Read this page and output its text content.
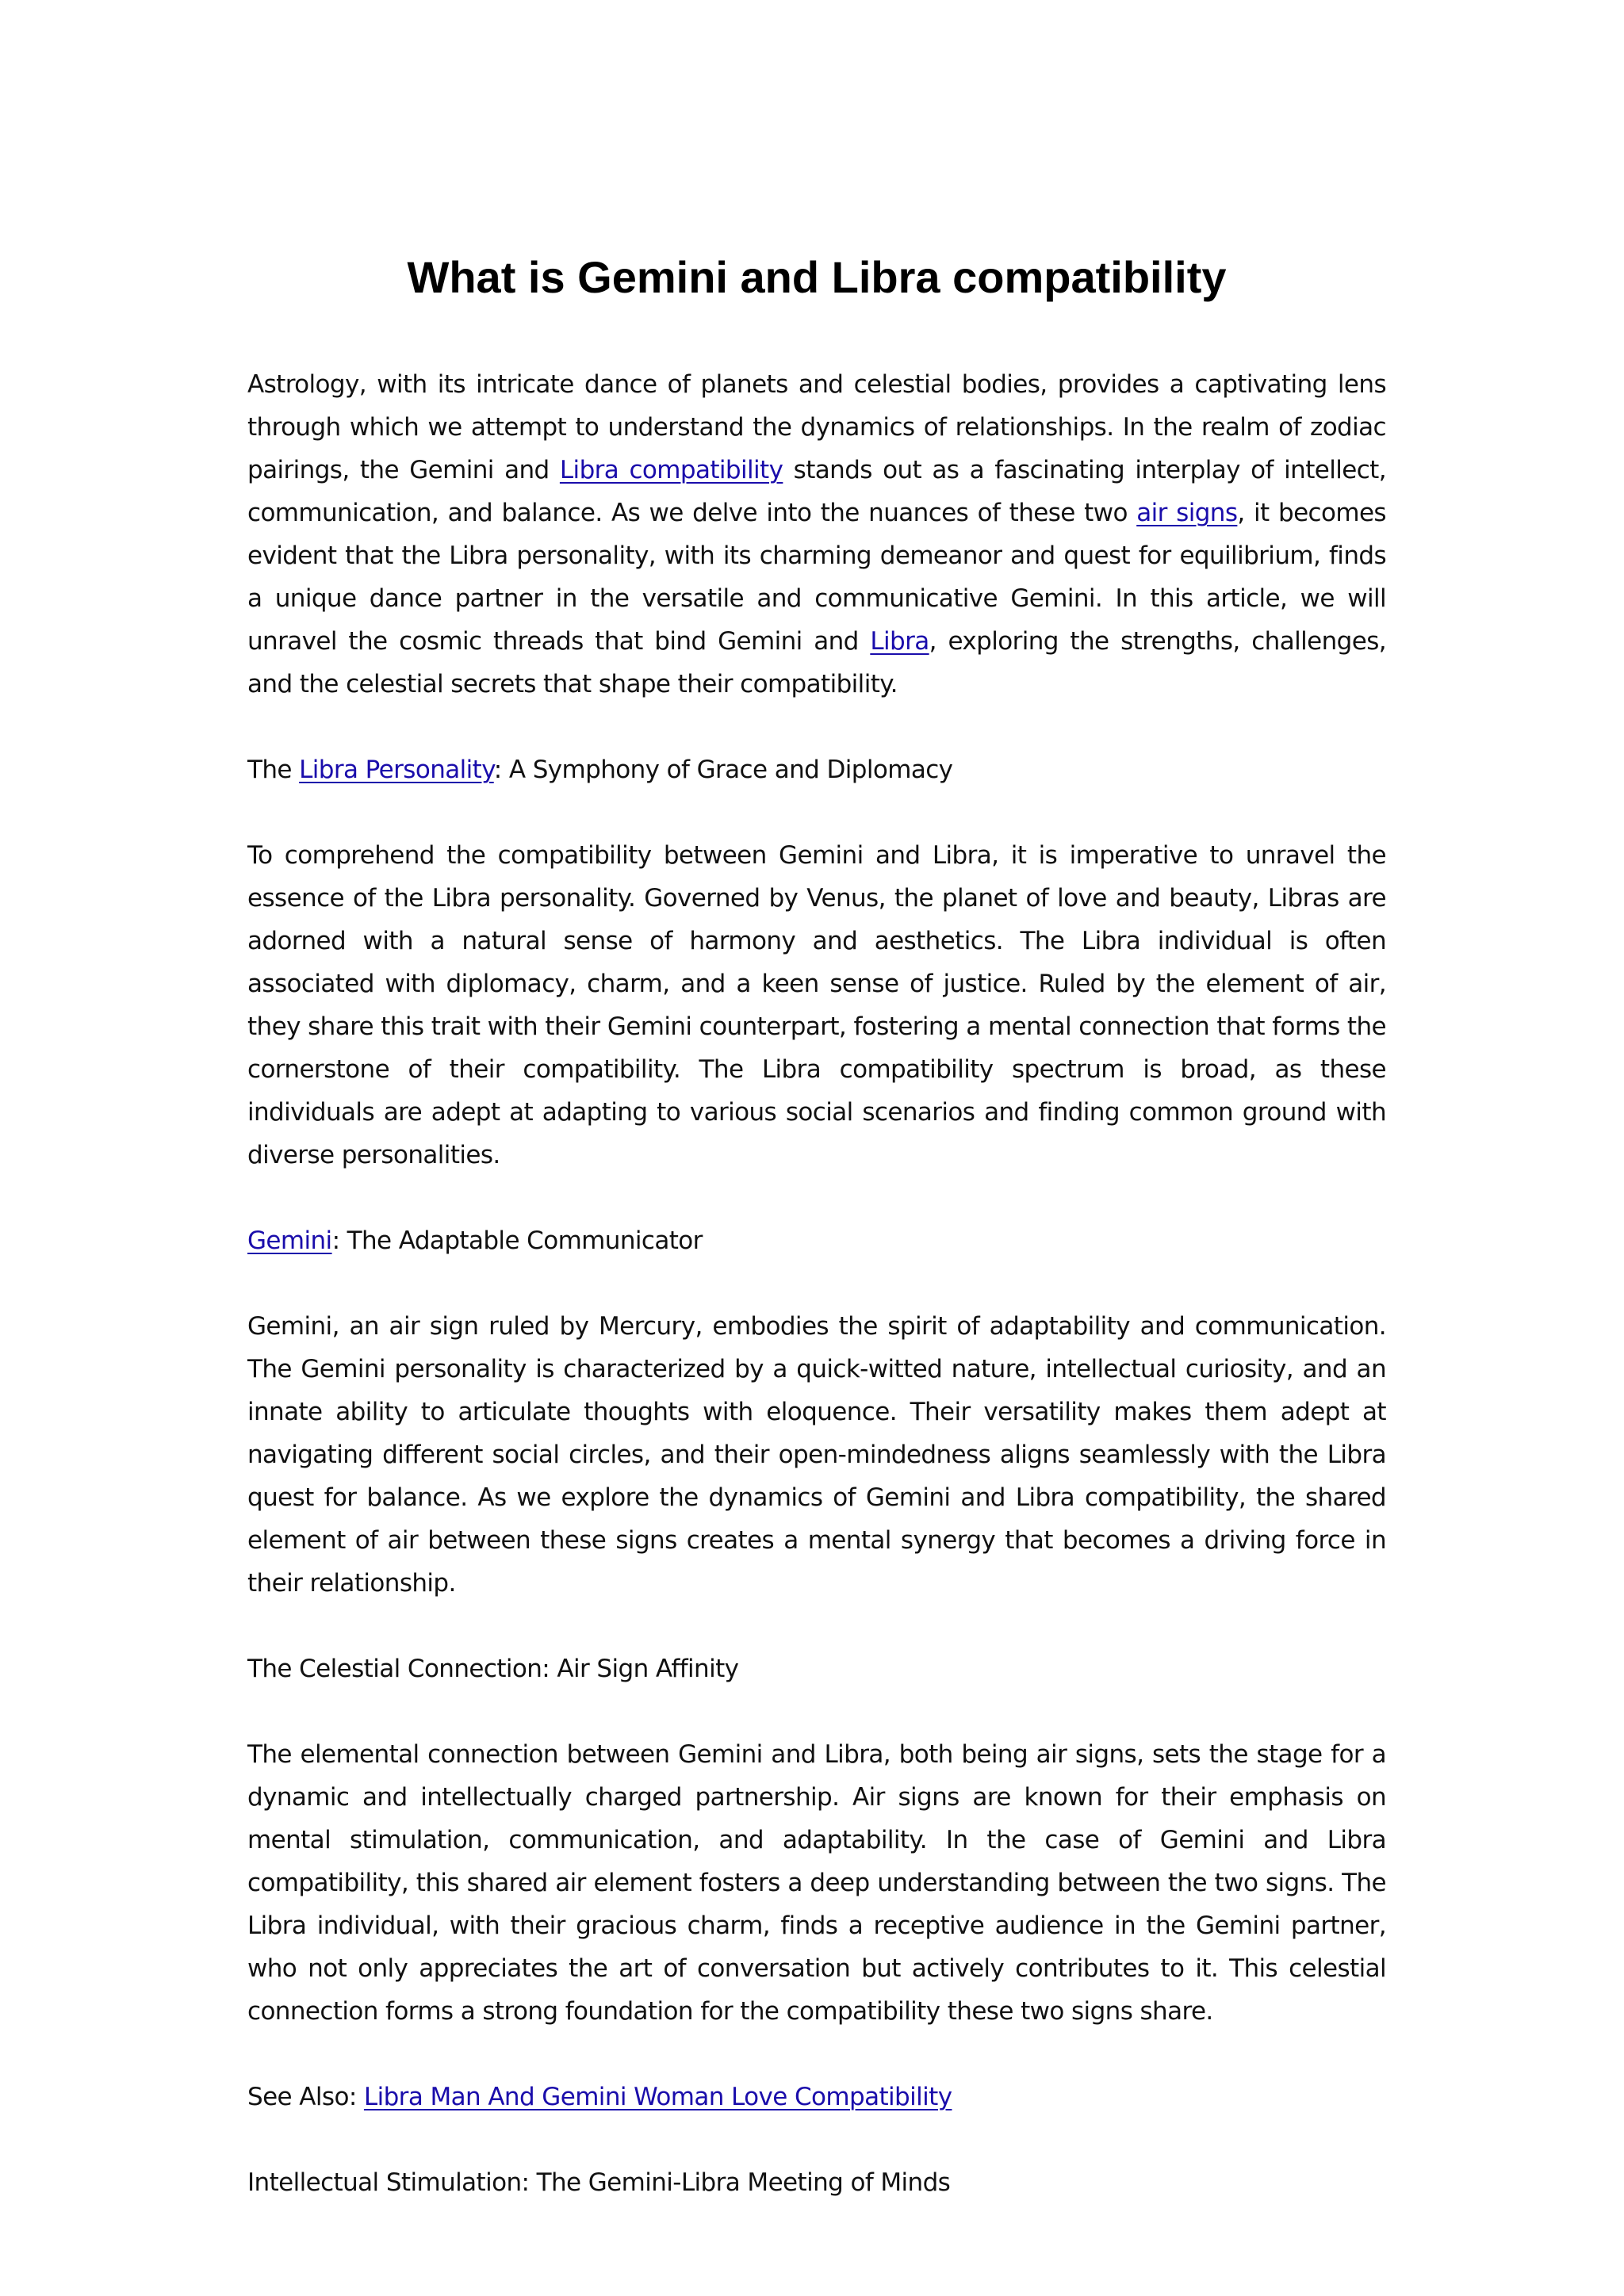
What is Gemini and Libra compatibility

Astrology, with its intricate dance of planets and celestial bodies, provides a captivating lens through which we attempt to understand the dynamics of relationships. In the realm of zodiac pairings, the Gemini and Libra compatibility stands out as a fascinating interplay of intellect, communication, and balance. As we delve into the nuances of these two air signs, it becomes evident that the Libra personality, with its charming demeanor and quest for equilibrium, finds a unique dance partner in the versatile and communicative Gemini. In this article, we will unravel the cosmic threads that bind Gemini and Libra, exploring the strengths, challenges, and the celestial secrets that shape their compatibility.

The Libra Personality: A Symphony of Grace and Diplomacy

To comprehend the compatibility between Gemini and Libra, it is imperative to unravel the essence of the Libra personality. Governed by Venus, the planet of love and beauty, Libras are adorned with a natural sense of harmony and aesthetics. The Libra individual is often associated with diplomacy, charm, and a keen sense of justice. Ruled by the element of air, they share this trait with their Gemini counterpart, fostering a mental connection that forms the cornerstone of their compatibility. The Libra compatibility spectrum is broad, as these individuals are adept at adapting to various social scenarios and finding common ground with diverse personalities.

Gemini: The Adaptable Communicator

Gemini, an air sign ruled by Mercury, embodies the spirit of adaptability and communication. The Gemini personality is characterized by a quick-witted nature, intellectual curiosity, and an innate ability to articulate thoughts with eloquence. Their versatility makes them adept at navigating different social circles, and their open-mindedness aligns seamlessly with the Libra quest for balance. As we explore the dynamics of Gemini and Libra compatibility, the shared element of air between these signs creates a mental synergy that becomes a driving force in their relationship.

The Celestial Connection: Air Sign Affinity

The elemental connection between Gemini and Libra, both being air signs, sets the stage for a dynamic and intellectually charged partnership. Air signs are known for their emphasis on mental stimulation, communication, and adaptability. In the case of Gemini and Libra compatibility, this shared air element fosters a deep understanding between the two signs. The Libra individual, with their gracious charm, finds a receptive audience in the Gemini partner, who not only appreciates the art of conversation but actively contributes to it. This celestial connection forms a strong foundation for the compatibility these two signs share.

See Also: Libra Man And Gemini Woman Love Compatibility

Intellectual Stimulation: The Gemini-Libra Meeting of Minds
